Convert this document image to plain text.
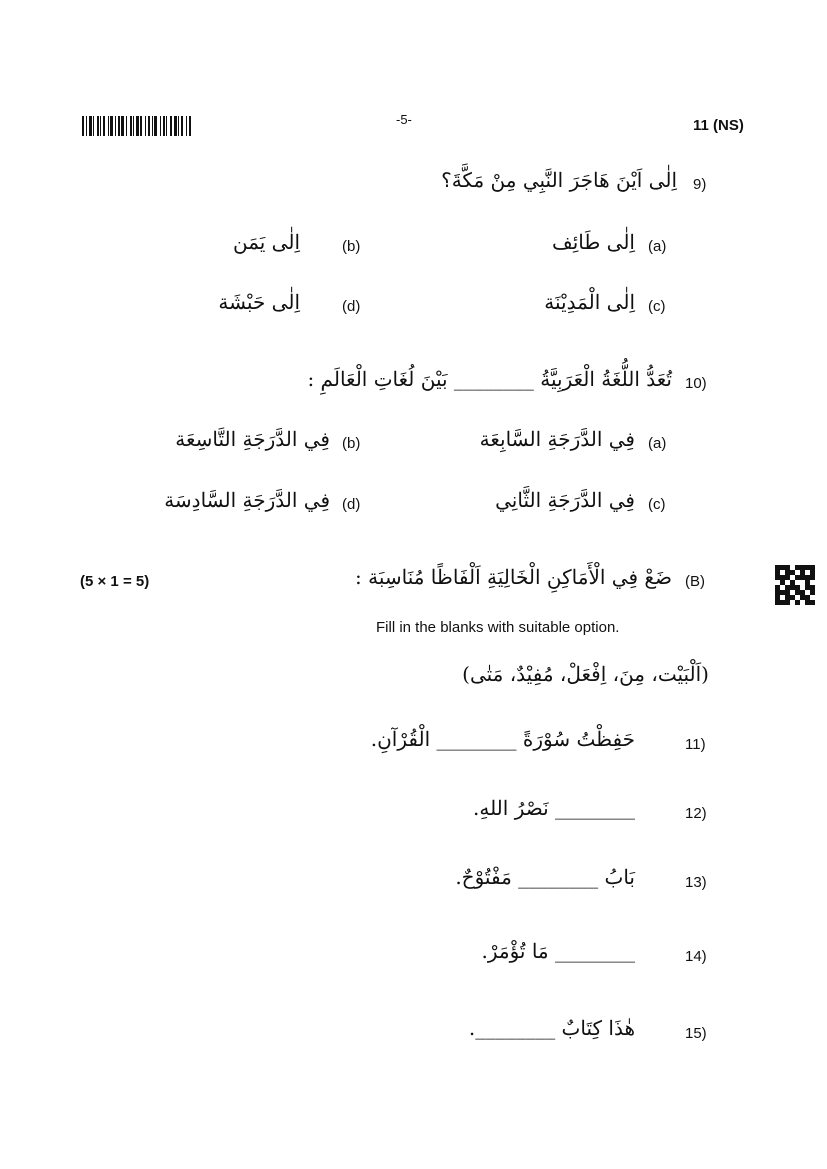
-5-	11 (NS)
9)
اِلٰى اَيْنَ هَاجَرَ النَّبِي مِنْ مَكَّةَ؟
(a)
اِلٰى طَائِف
(b)
اِلٰى يَمَن
(c)
اِلٰى الْمَدِيْنَة
(d)
اِلٰى حَبْشَة
10)
تُعَدُّ اللُّغَةُ الْعَرَبِيَّةُ ________ بَيْنَ لُغَاتِ الْعَالَمِ :
(a)
فِي الدَّرَجَةِ السَّابِعَة
(b)
فِي الدَّرَجَةِ التَّاسِعَة
(c)
فِي الدَّرَجَةِ الثَّانِي
(d)
فِي الدَّرَجَةِ السَّادِسَة
(5 × 1 = 5)	(B)
ضَعْ فِي الْأَمَاكِنِ الْخَالِيَةِ اَلْفَاظًا مُنَاسِبَة :
Fill in the blanks with suitable option.
(اَلْبَيْت، مِنَ، اِفْعَلْ، مُفِيْدٌ، مَتٰى)
11)
حَفِظْتُ سُوْرَةً ________ الْقُرْآنِ.
12)
________ نَصْرُ اللهِ.
13)
بَابُ ________ مَفْتُوْحٌ.
14)
________ مَا تُؤْمَرْ.
15)
هٰذَا كِتَابٌ ________.
